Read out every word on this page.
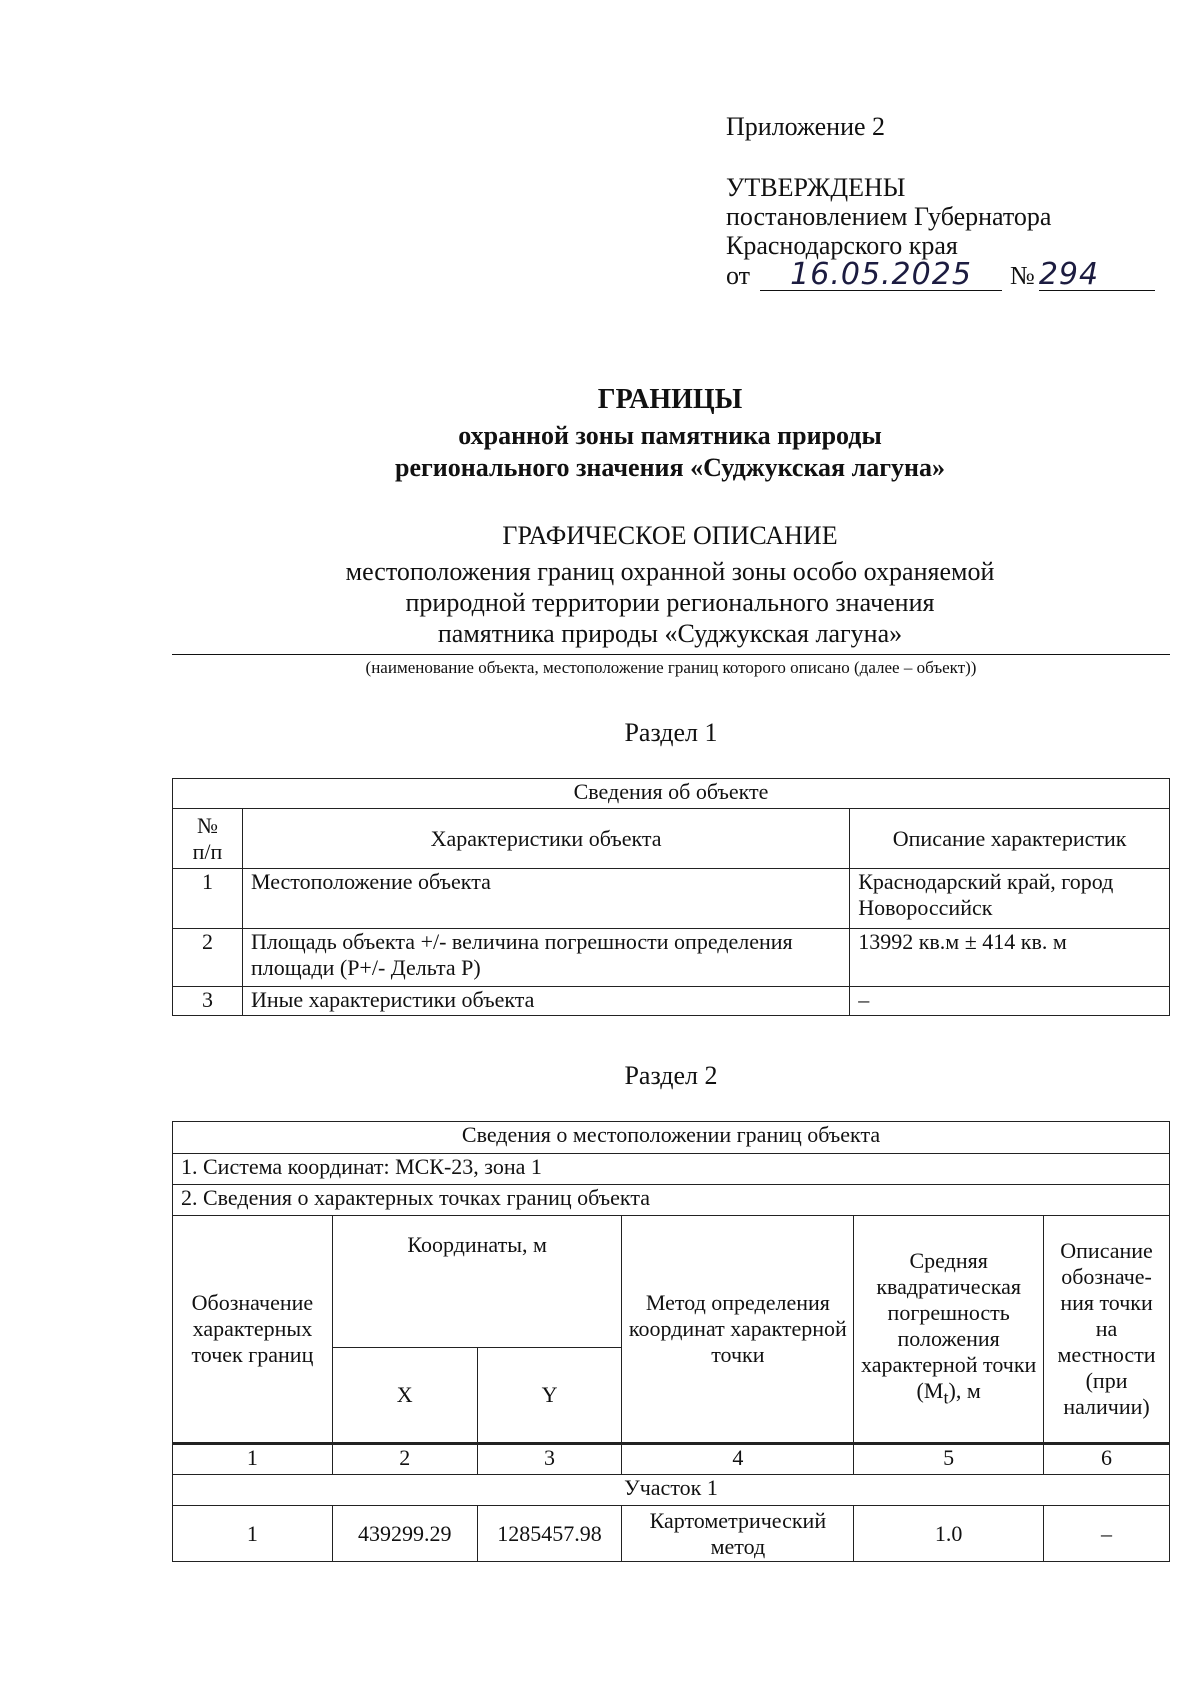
Приложение 2
УТВЕРЖДЕНЫ
постановлением Губернатора
Краснодарского края
от	16.05.2025	№ 294
ГРАНИЦЫ
охранной зоны памятника природы
регионального значения «Суджукская лагуна»
ГРАФИЧЕСКОЕ ОПИСАНИЕ
местоположения границ охранной зоны особо охраняемой
природной территории регионального значения
памятника природы «Суджукская лагуна»
(наименование объекта, местоположение границ которого описано (далее – объект))
Раздел 1
Сведения об объекте		

№
п/п	Характеристики объекта	Описание характеристик
1	Местоположение объекта	Краснодарский край, город Новороссийск
2	Площадь объекта +/- величина погрешности определения площади (P+/- Дельта P)	13992 кв.м ± 414 кв. м
3	Иные характеристики объекта	–
Раздел 2
Сведения о местоположении границ объекта					
1. Система координат: МСК-23, зона 1					
2. Сведения о характерных точках границ объекта					
Обозначение характерных точек границ	Координаты, м		Метод определения координат характерной точки	Средняя квадратическая погрешность положения характерной точки $(M_t)$, м	Описание обозначе-ния точки на местности (при наличии)
	X	Y			
1	2	3	4	5	6
Участок 1					
1	439299.29	1285457.98	Картометрический метод	1.0	–
